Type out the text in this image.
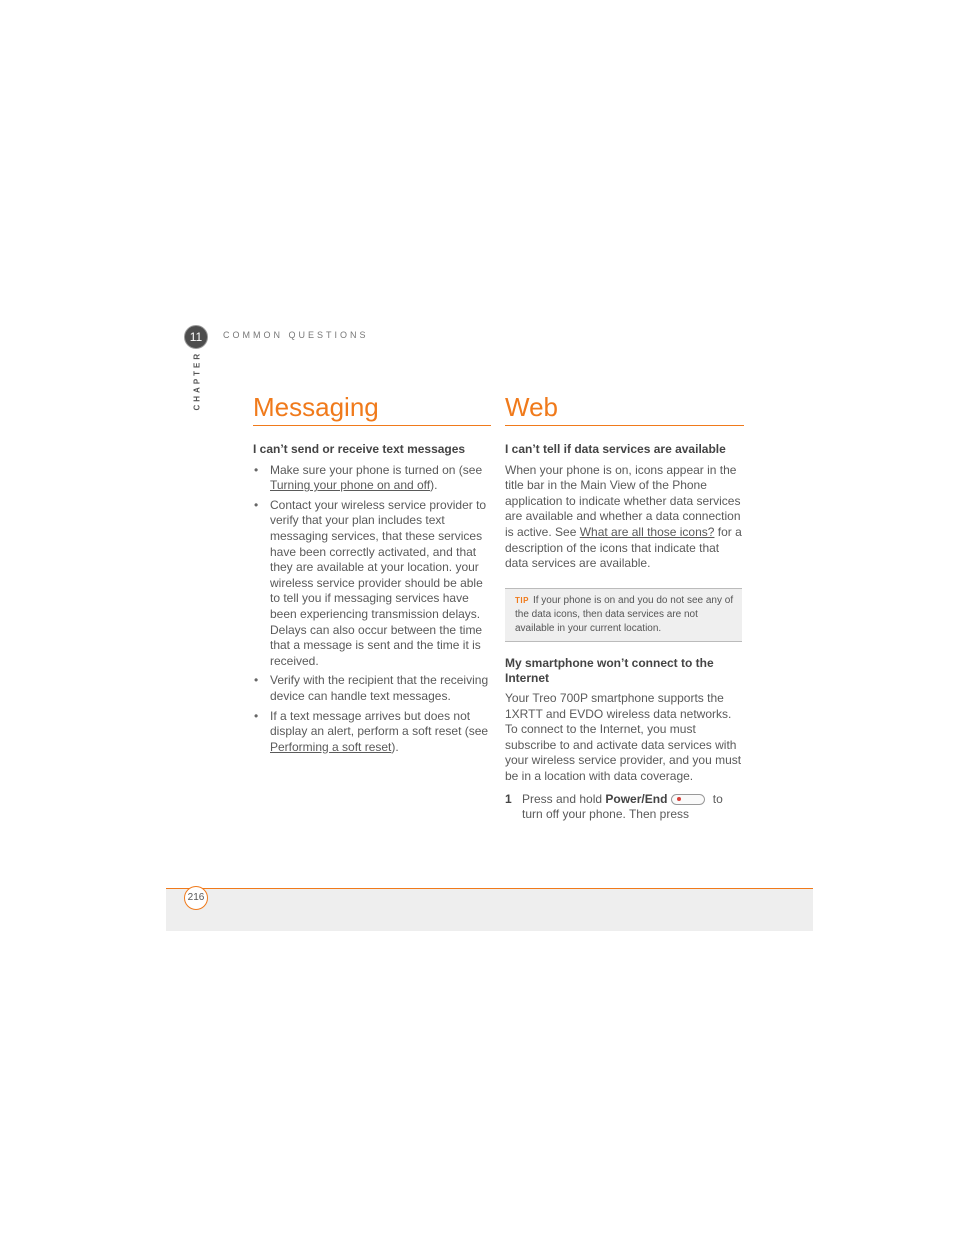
11	COMMON QUESTIONS
CHAPTER Messaging
I can’t send or receive text messages
• Make sure your phone is turned on (see Turning your phone on and off).
• Contact your wireless service provider to verify that your plan includes text messaging services, that these services have been correctly activated, and that they are available at your location. your wireless service provider should be able to tell you if messaging services have been experiencing transmission delays. Delays can also occur between the time that a message is sent and the time it is received.
• Verify with the recipient that the receiving device can handle text messages.
• If a text message arrives but does not display an alert, perform a soft reset (see Performing a soft reset).
Web
I can’t tell if data services are available
When your phone is on, icons appear in the title bar in the Main View of the Phone application to indicate whether data services are available and whether a data connection is active. See What are all those icons? for a description of the icons that indicate that data services are available.
TIP If your phone is on and you do not see any of the data icons, then data services are not available in your current location.
My smartphone won’t connect to the Internet
Your Treo 700P smartphone supports the 1XRTT and EVDO wireless data networks. To connect to the Internet, you must subscribe to and activate data services with your wireless service provider, and you must be in a location with data coverage.
1 Press and hold Power/End	to turn off your phone. Then press
216
